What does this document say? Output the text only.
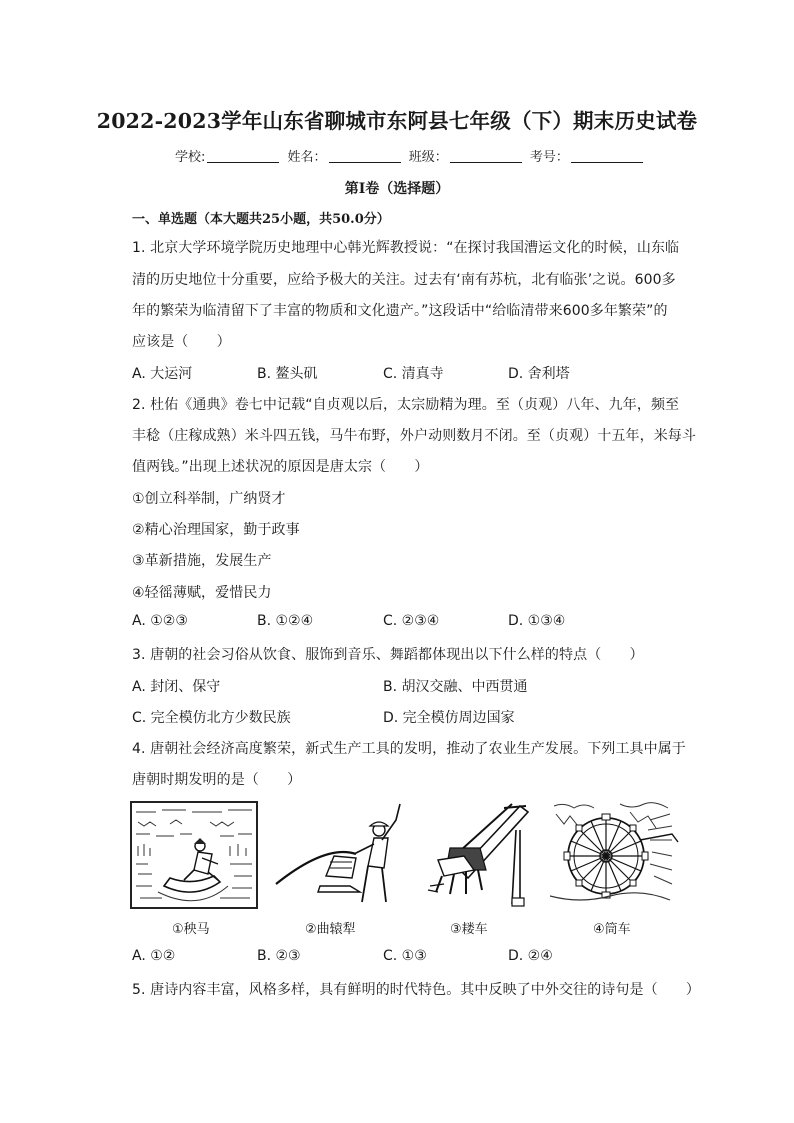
2022-2023学年山东省聊城市东阿县七年级（下）期末历史试卷
学校:	姓名：	班级：	考号：
第I卷（选择题）
一、单选题（本大题共25小题，共50.0分）
1. 北京大学环境学院历史地理中心韩光辉教授说：“在探讨我国漕运文化的时候，山东临
清的历史地位十分重要，应给予极大的关注。过去有‘南有苏杭，北有临张’之说。600多
年的繁荣为临清留下了丰富的物质和文化遗产。”这段话中“给临清带来600多年繁荣”的
应该是（　　）
A. 大运河	B. 鳌头矶	C. 清真寺	D. 舍利塔
2. 杜佑《通典》卷七中记载“自贞观以后，太宗励精为理。至（贞观）八年、九年，频至
丰稔（庄稼成熟）米斗四五钱，马牛布野，外户动则数月不闭。至（贞观）十五年，米每斗
值两钱。”出现上述状况的原因是唐太宗（　　）
①创立科举制，广纳贤才
②精心治理国家，勤于政事
③革新措施，发展生产
④轻徭薄赋，爱惜民力
A. ①②③	B. ①②④	C. ②③④	D. ①③④
3. 唐朝的社会习俗从饮食、服饰到音乐、舞蹈都体现出以下什么样的特点（　　）
A. 封闭、保守	B. 胡汉交融、中西贯通
C. 完全模仿北方少数民族	D. 完全模仿周边国家
4. 唐朝社会经济高度繁荣，新式生产工具的发明，推动了农业生产发展。下列工具中属于
唐朝时期发明的是（　　）
①秧马	②曲辕犁	③耧车	④筒车
A. ①②	B. ②③	C. ①③	D. ②④
5. 唐诗内容丰富，风格多样，具有鲜明的时代特色。其中反映了中外交往的诗句是（　　）
